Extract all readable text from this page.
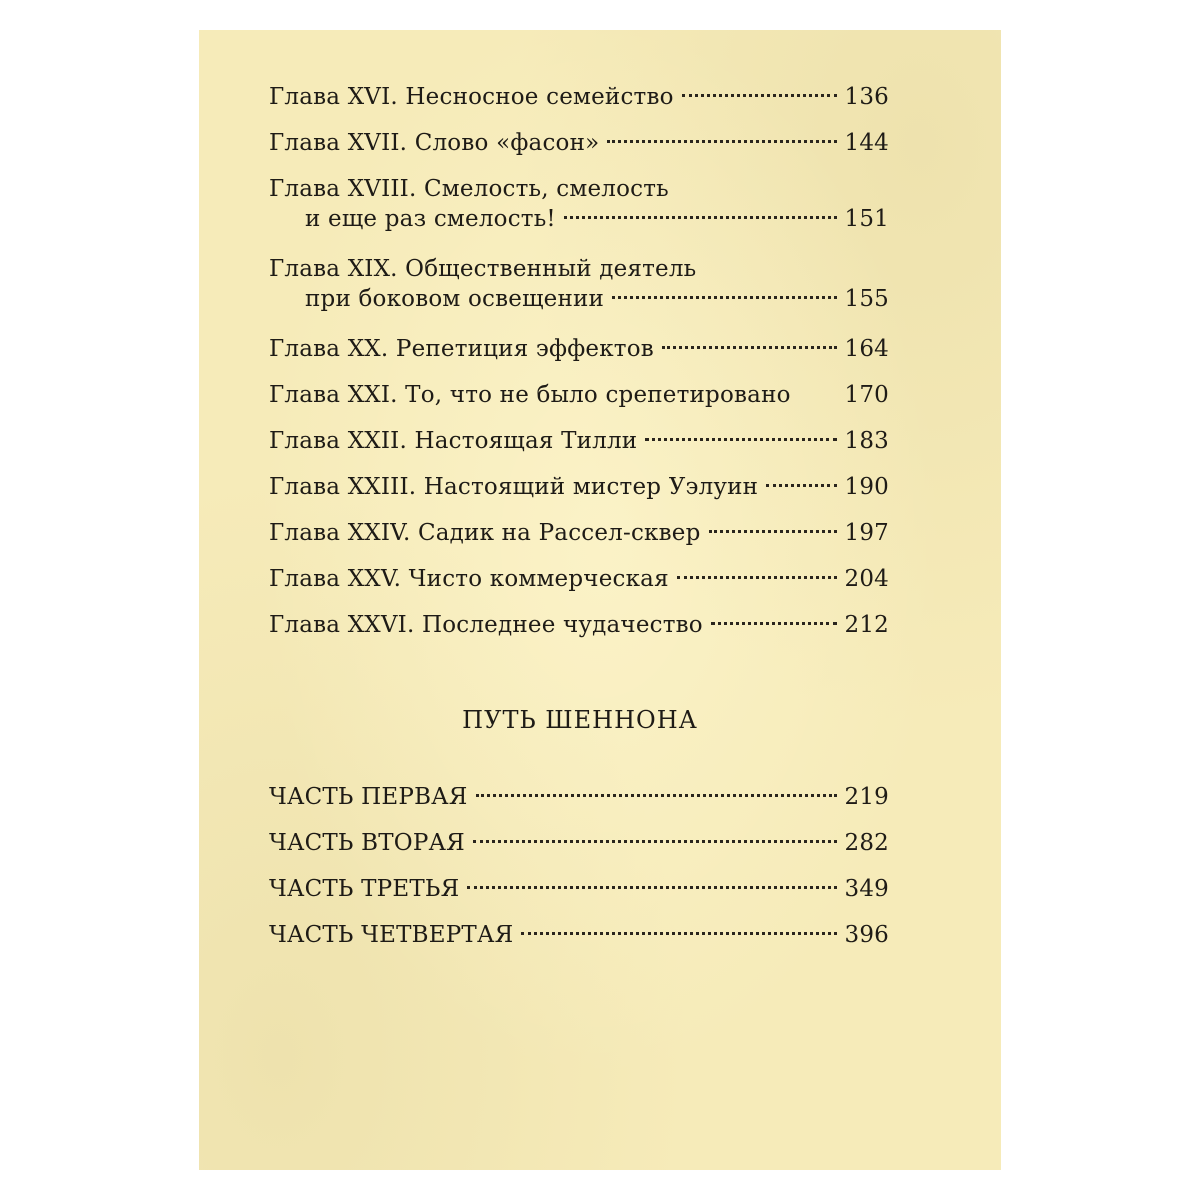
Глава XVI. Несносное семейство	136
Глава XVII. Слово «фасон»	144
Глава XVIII. Смелость, смелость
и еще раз смелость!	151
Глава XIX. Общественный деятель
при боковом освещении	155
Глава XX. Репетиция эффектов	164
Глава XXI. То, что не было срепетировано 170
Глава XXII. Настоящая Тилли	183
Глава XXIII. Настоящий мистер Уэлуин	190
Глава XXIV. Садик на Рассел-сквер	197
Глава XXV. Чисто коммерческая	204
Глава XXVI. Последнее чудачество	212
ПУТЬ ШЕННОНА
ЧАСТЬ ПЕРВАЯ	219
ЧАСТЬ ВТОРАЯ	282
ЧАСТЬ ТРЕТЬЯ	349
ЧАСТЬ ЧЕТВЕРТАЯ	396
